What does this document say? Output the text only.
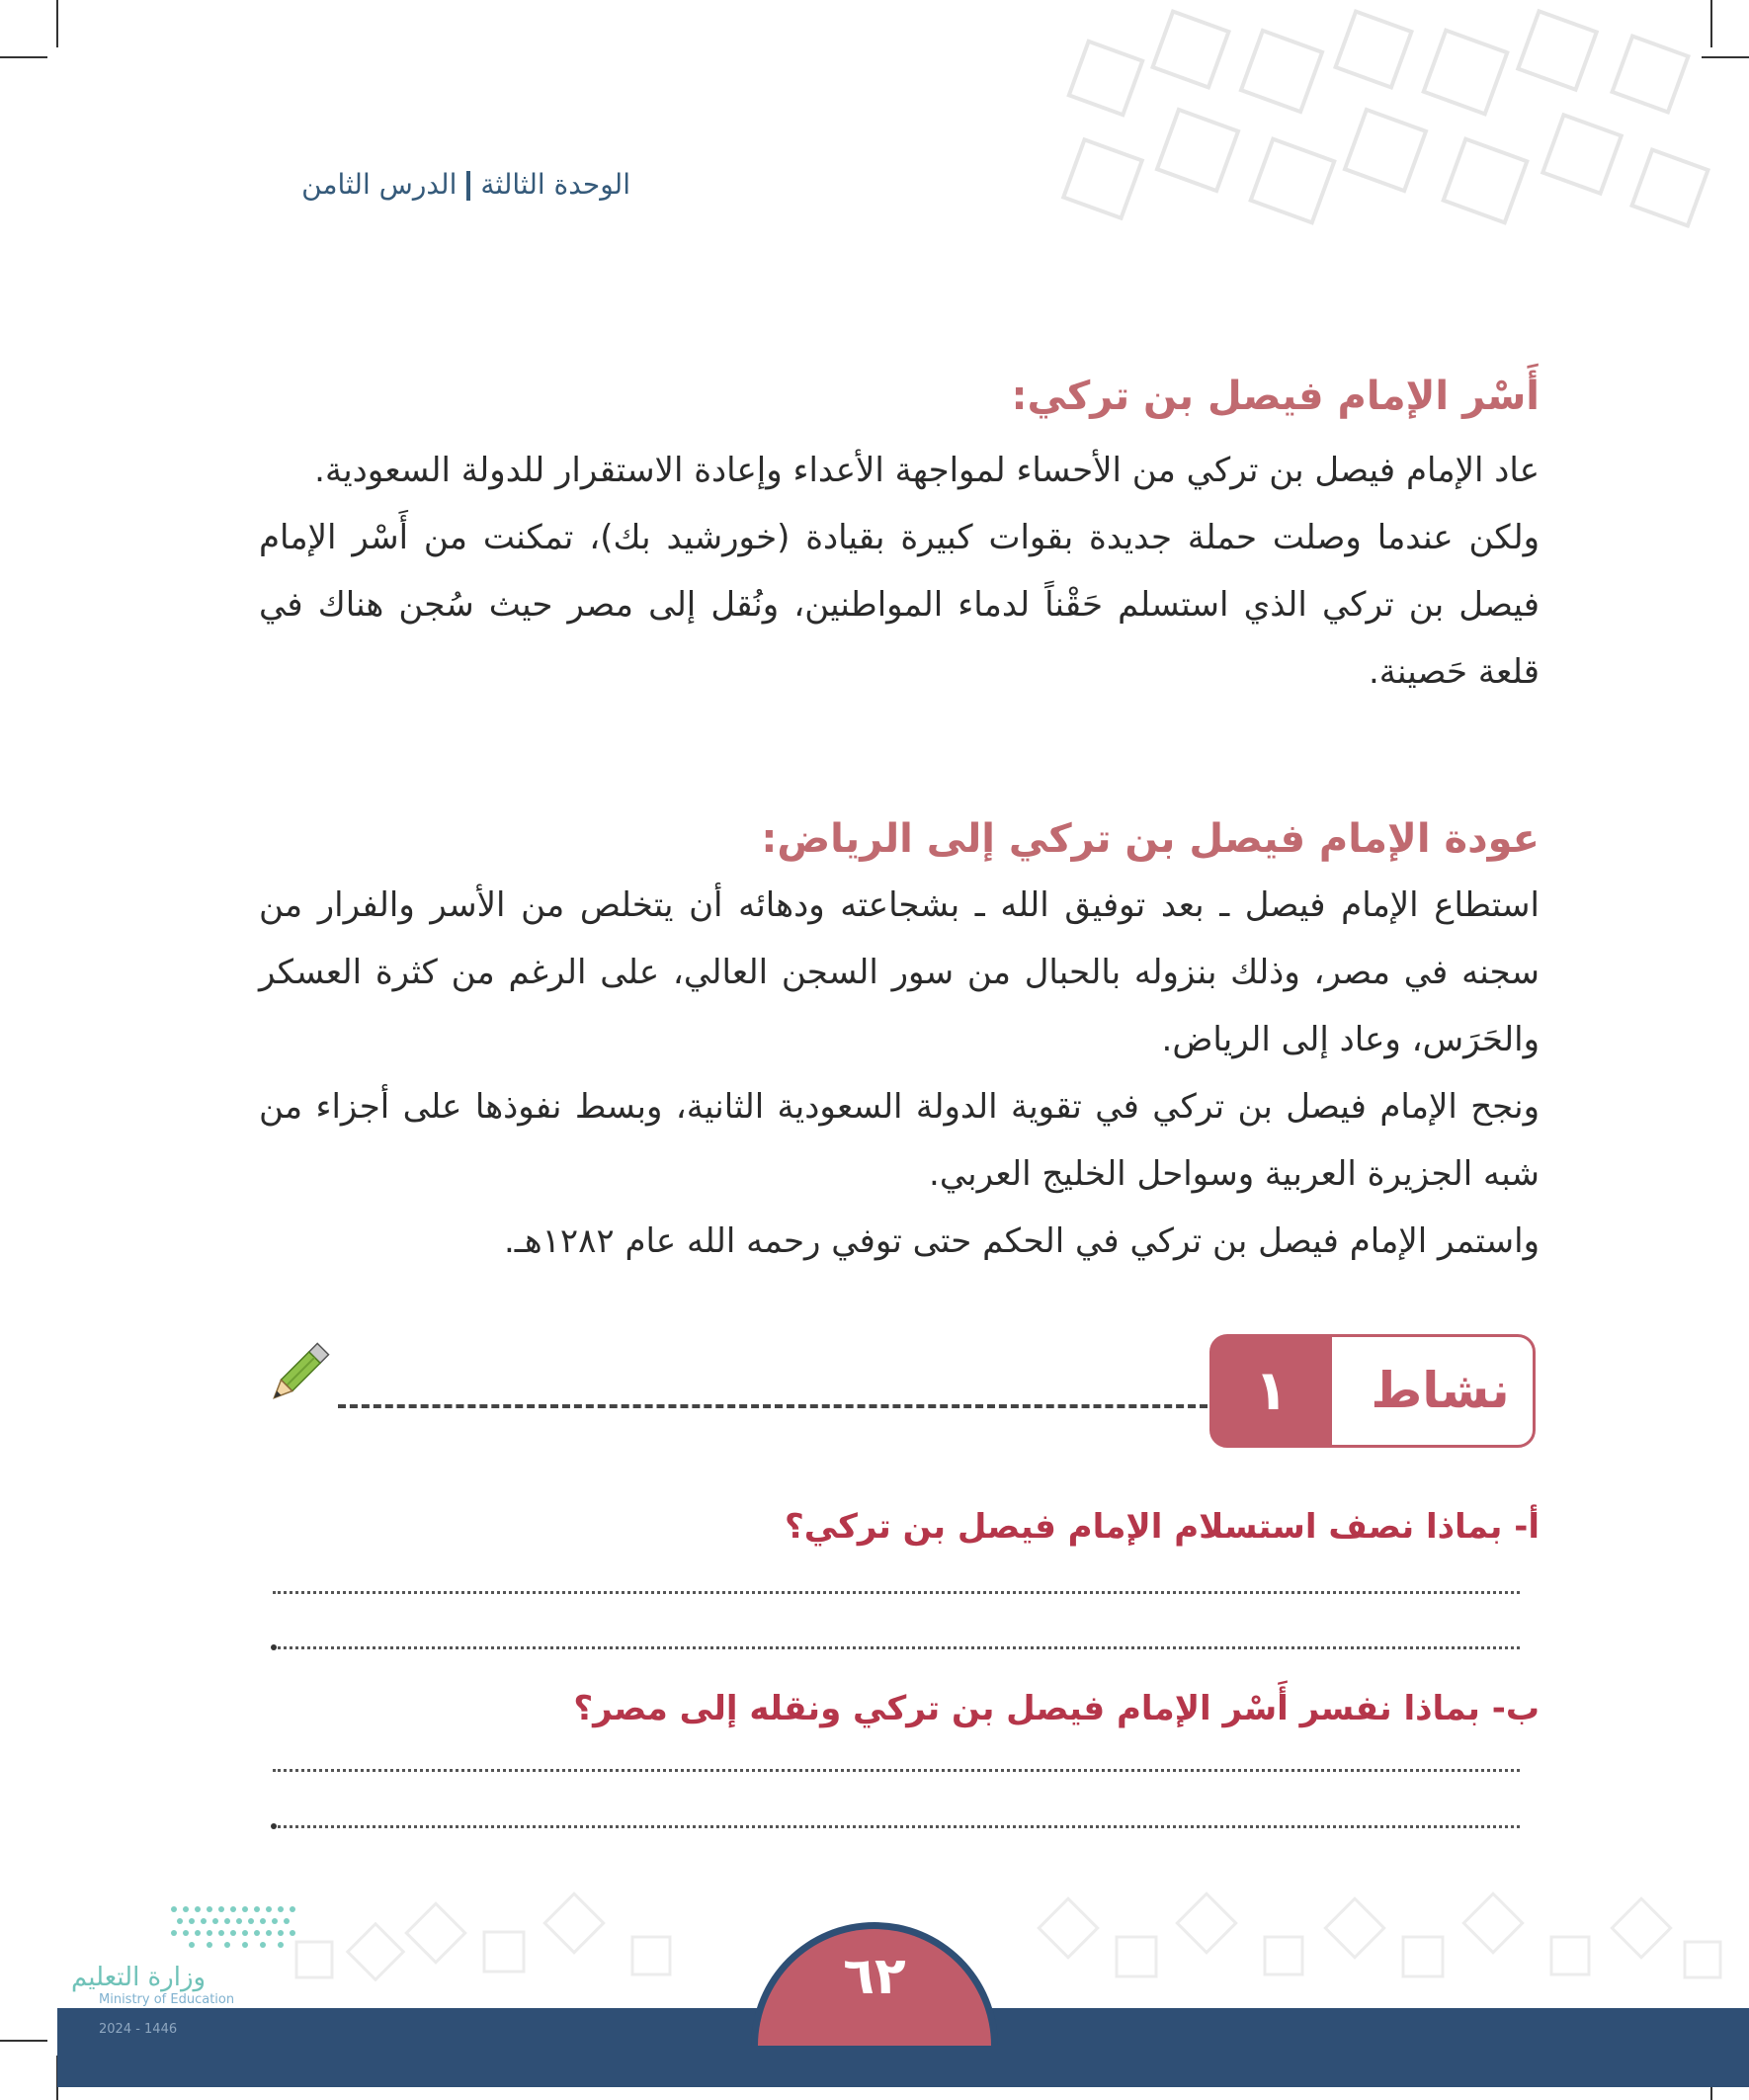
الوحدة الثالثةالدرس الثامن
أَسْر الإمام فيصل بن تركي:

عاد الإمام فيصل بن تركي من الأحساء لمواجهة الأعداء وإعادة الاستقرار للدولة السعودية.

ولكن عندما وصلت حملة جديدة بقوات كبيرة بقيادة (خورشيد بك)، تمكنت من أَسْر الإمام فيصل بن تركي الذي استسلم حَقْناً لدماء المواطنين، ونُقل إلى مصر حيث سُجن هناك في قلعة حَصينة.

عودة الإمام فيصل بن تركي إلى الرياض:

استطاع الإمام فيصل ـ بعد توفيق الله ـ بشجاعته ودهائه أن يتخلص من الأسر والفرار من سجنه في مصر، وذلك بنزوله بالحبال من سور السجن العالي، على الرغم من كثرة العسكر والحَرَس، وعاد إلى الرياض.

ونجح الإمام فيصل بن تركي في تقوية الدولة السعودية الثانية، وبسط نفوذها على أجزاء من شبه الجزيرة العربية وسواحل الخليج العربي.

واستمر الإمام فيصل بن تركي في الحكم حتى توفي رحمه الله عام ١٢٨٢هـ.

١	نشاط
أ- بماذا نصف استسلام الإمام فيصل بن تركي؟
ب- بماذا نفسر أَسْر الإمام فيصل بن تركي ونقله إلى مصر؟
وزارة التعليم
Ministry of Education
2024 - 1446
٦٢
